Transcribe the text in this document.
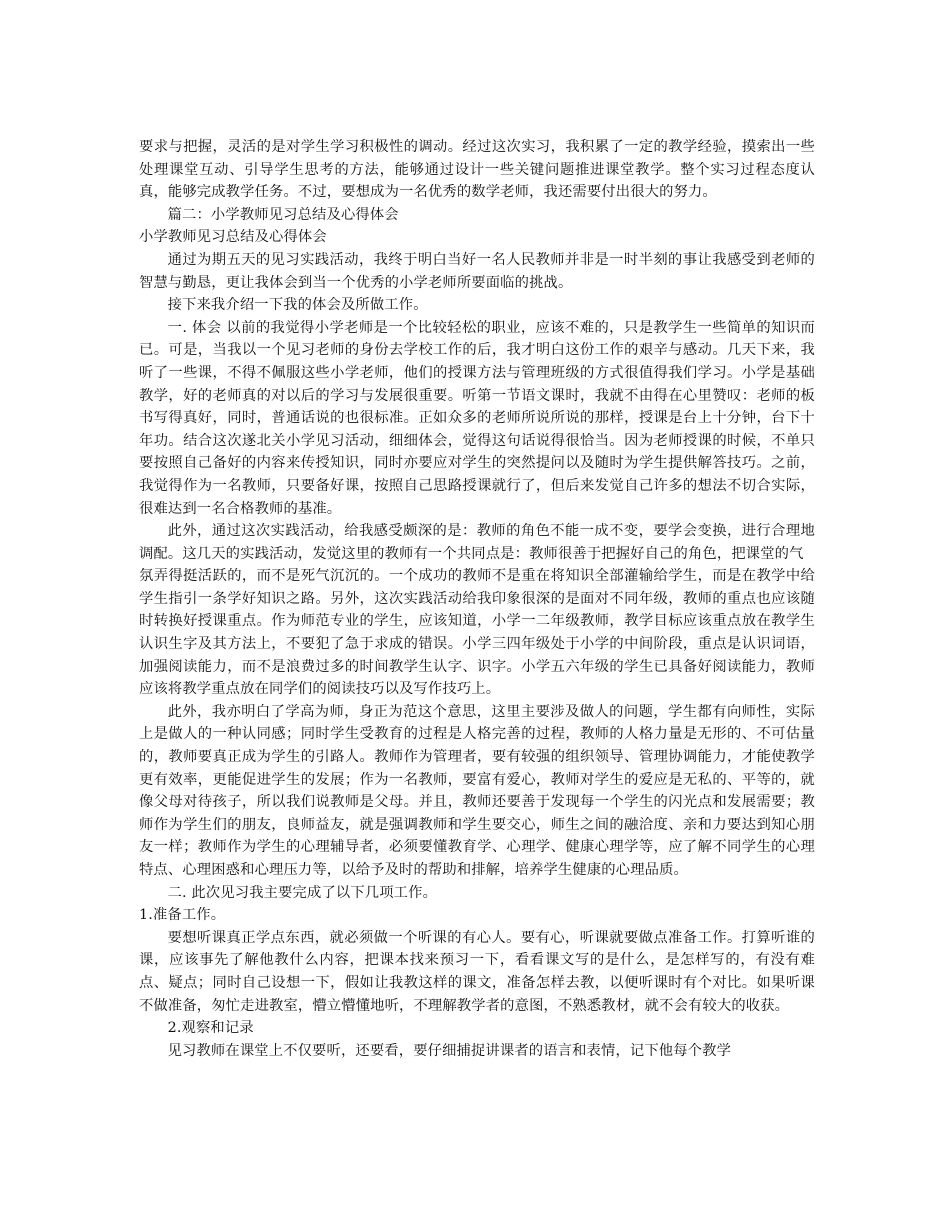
要求与把握，灵活的是对学生学习积极性的调动。经过这次实习，我积累了一定的教学经验，摸索出一些处理课堂互动、引导学生思考的方法，能够通过设计一些关键问题推进课堂教学。整个实习过程态度认真，能够完成教学任务。不过，要想成为一名优秀的数学老师，我还需要付出很大的努力。

篇二：小学教师见习总结及心得体会

小学教师见习总结及心得体会

通过为期五天的见习实践活动，我终于明白当好一名人民教师并非是一时半刻的事让我感受到老师的智慧与勤恳，更让我体会到当一个优秀的小学老师所要面临的挑战。

接下来我介绍一下我的体会及所做工作。

一. 体会 以前的我觉得小学老师是一个比较轻松的职业，应该不难的，只是教学生一些简单的知识而已。可是，当我以一个见习老师的身份去学校工作的后，我才明白这份工作的艰辛与感动。几天下来，我听了一些课，不得不佩服这些小学老师，他们的授课方法与管理班级的方式很值得我们学习。小学是基础教学，好的老师真的对以后的学习与发展很重要。听第一节语文课时，我就不由得在心里赞叹：老师的板书写得真好，同时，普通话说的也很标准。正如众多的老师所说所说的那样，授课是台上十分钟，台下十年功。结合这次遂北关小学见习活动，细细体会，觉得这句话说得很恰当。因为老师授课的时候，不单只要按照自己备好的内容来传授知识，同时亦要应对学生的突然提问以及随时为学生提供解答技巧。之前，我觉得作为一名教师，只要备好课，按照自己思路授课就行了，但后来发觉自己许多的想法不切合实际，很难达到一名合格教师的基准。

此外，通过这次实践活动，给我感受颇深的是：教师的角色不能一成不变，要学会变换，进行合理地调配。这几天的实践活动，发觉这里的教师有一个共同点是：教师很善于把握好自己的角色，把课堂的气

氛弄得挺活跃的，而不是死气沉沉的。一个成功的教师不是重在将知识全部灌输给学生，而是在教学中给学生指引一条学好知识之路。另外，这次实践活动给我印象很深的是面对不同年级，教师的重点也应该随时转换好授课重点。作为师范专业的学生，应该知道，小学一二年级教师，教学目标应该重点放在教学生认识生字及其方法上，不要犯了急于求成的错误。小学三四年级处于小学的中间阶段，重点是认识词语，加强阅读能力，而不是浪费过多的时间教学生认字、识字。小学五六年级的学生已具备好阅读能力，教师应该将教学重点放在同学们的阅读技巧以及写作技巧上。

此外，我亦明白了学高为师，身正为范这个意思，这里主要涉及做人的问题，学生都有向师性，实际上是做人的一种认同感；同时学生受教育的过程是人格完善的过程，教师的人格力量是无形的、不可估量的，教师要真正成为学生的引路人。教师作为管理者，要有较强的组织领导、管理协调能力，才能使教学更有效率，更能促进学生的发展；作为一名教师，要富有爱心，教师对学生的爱应是无私的、平等的，就像父母对待孩子，所以我们说教师是父母。并且，教师还要善于发现每一个学生的闪光点和发展需要；教师作为学生们的朋友，良师益友，就是强调教师和学生要交心，师生之间的融洽度、亲和力要达到知心朋友一样；教师作为学生的心理辅导者，必须要懂教育学、心理学、健康心理学等，应了解不同学生的心理特点、心理困惑和心理压力等，以给予及时的帮助和排解，培养学生健康的心理品质。

二. 此次见习我主要完成了以下几项工作。

1.准备工作。

要想听课真正学点东西，就必须做一个听课的有心人。要有心，听课就要做点准备工作。打算听谁的课，应该事先了解他教什么内容，把课本找来预习一下，看看课文写的是什么，是怎样写的，有没有难点、疑点；同时自己设想一下，假如让我教这样的课文，准备怎样去教，以便听课时有个对比。如果听课不做准备，匆忙走进教室，懵立懵懂地听，不理解教学者的意图，不熟悉教材，就不会有较大的收获。

2.观察和记录

见习教师在课堂上不仅要听，还要看，要仔细捕捉讲课者的语言和表情，记下他每个教学
